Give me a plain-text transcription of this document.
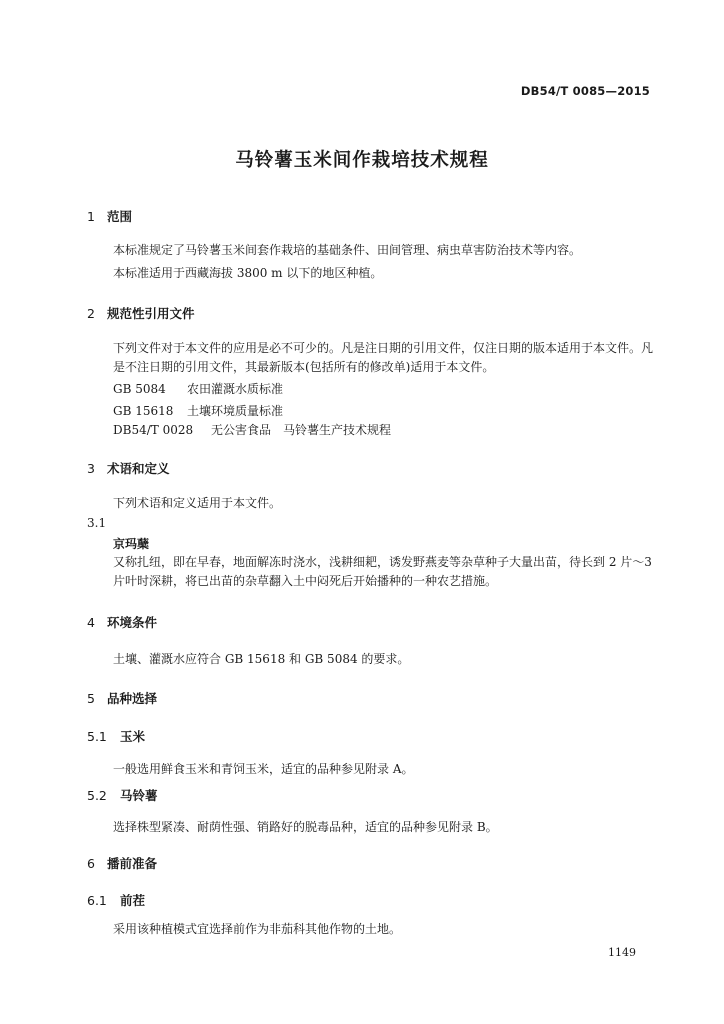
DB54/T 0085—2015
马铃薯玉米间作栽培技术规程
1 范围
本标准规定了马铃薯玉米间套作栽培的基础条件、田间管理、病虫草害防治技术等内容。
本标准适用于西藏海拔 3800 m 以下的地区种植。
2 规范性引用文件
下列文件对于本文件的应用是必不可少的。凡是注日期的引用文件，仅注日期的版本适用于本文件。凡是不注日期的引用文件，其最新版本(包括所有的修改单)适用于本文件。
GB 5084 农田灌溉水质标准
GB 15618 土壤环境质量标准
DB54/T 0028 无公害食品　马铃薯生产技术规程
3 术语和定义
下列术语和定义适用于本文件。
3.1
京玛蘖
又称扎纽，即在早春，地面解冻时浇水，浅耕细耙，诱发野燕麦等杂草种子大量出苗，待长到 2 片～3 片叶时深耕，将已出苗的杂草翻入土中闷死后开始播种的一种农艺措施。
4 环境条件
土壤、灌溉水应符合 GB 15618 和 GB 5084 的要求。
5 品种选择
5.1 玉米
一般选用鲜食玉米和青饲玉米，适宜的品种参见附录 A。
5.2 马铃薯
选择株型紧凑、耐荫性强、销路好的脱毒品种，适宜的品种参见附录 B。
6 播前准备
6.1 前茬
采用该种植模式宜选择前作为非茄科其他作物的土地。
1149
